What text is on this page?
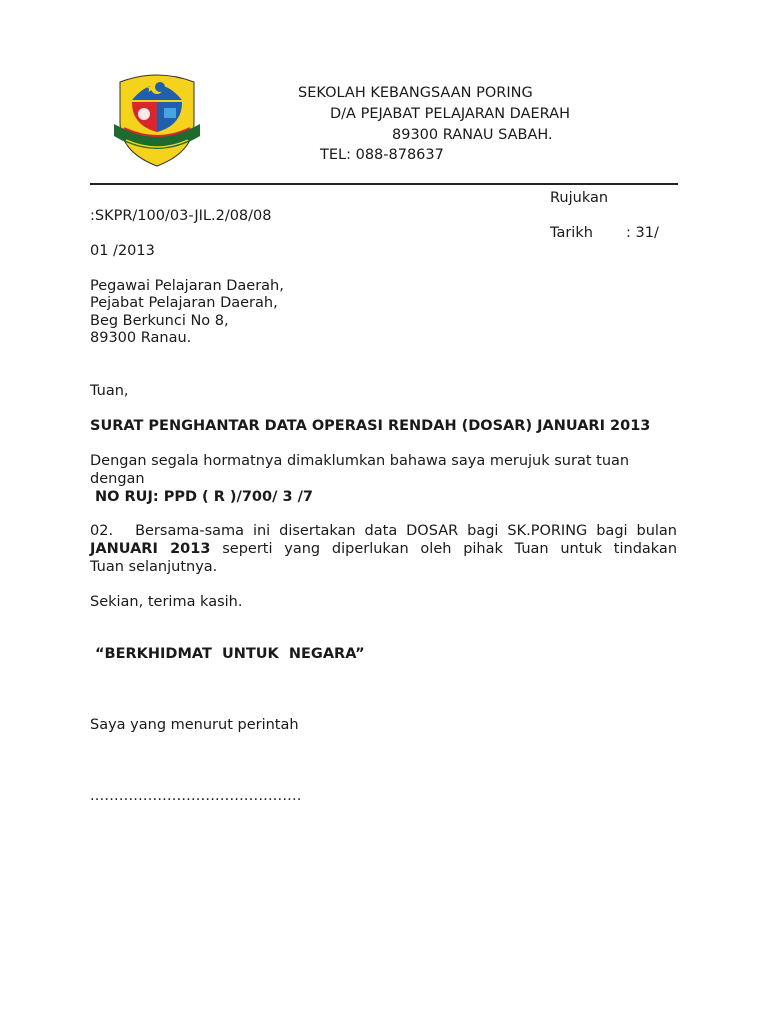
SEKOLAH KEBANGSAAN PORING
D/A PEJABAT PELAJARAN DAERAH
89300 RANAU SABAH.
TEL: 088-878637
Rujukan
:SKPR/100/03-JIL.2/08/08
Tarikh : 31/
01 /2013
Pegawai Pelajaran Daerah,
Pejabat Pelajaran Daerah,
Beg Berkunci No 8,
89300 Ranau.
Tuan,
SURAT PENGHANTAR DATA OPERASI RENDAH (DOSAR) JANUARI 2013
Dengan segala hormatnya dimaklumkan bahawa saya merujuk surat tuan
dengan
NO RUJ: PPD ( R )/700/ 3 /7
02. Bersama-sama ini disertakan data DOSAR bagi SK.PORING bagi bulan
JANUARI 2013 seperti yang diperlukan oleh pihak Tuan untuk tindakan
Tuan selanjutnya.
Sekian, terima kasih.
“BERKHIDMAT  UNTUK  NEGARA”
Saya yang menurut perintah
............................................
